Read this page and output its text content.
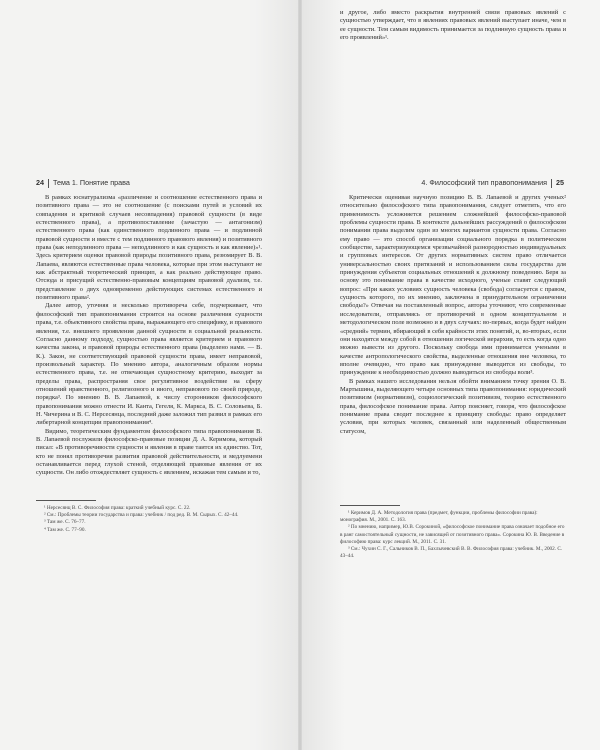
24 Тема 1. Понятие права

В рамках юснатурализма «различение и соотношение естественного права и позитивного права — это не соотношение (с поисками путей и условий их совпадения и критикой случаев несовпадения) правовой сущности (в виде естественного права), а противопоставление (зачастую — антагонизм) естественного права (как единственного подлинного права — и подлинной правовой сущности и вместе с тем подлинного правового явления) и позитивного права (как неподлинного права — неподлинного и как сущность и как явление)»¹. Здесь критерием оценки правовой природы позитивного права, резюмирует В. В. Лапаева, являются естественные права человека, которые при этом выступают не как абстрактный теоретический принцип, а как реально действующее право. Отсюда и присущий естественно-правовым концепциям правовой дуализм, т.е. представление о двух одновременно действующих системах естественного и позитивного права².

Далее автор, уточняя и несколько противореча себе, подчеркивает, что философский тип правопонимания строится на основе различения сущности права, т.е. объективного свойства права, выражающего его специфику, и правового явления, т.е. внешнего проявления данной сущности в социальной реальности. Согласно данному подходу, сущностью права является критерием и правового качества закона, и правовой природы естественного права (выделено нами. — В. К.). Закон, не соответствующий правовой сущности права, имеет неправовой, произвольный характер. По мнению автора, аналогичным образом нормы естественного права, т.е. не отвечающая сущностному критерию, выходят за пределы права, распространяя свое регулятивное воздействие на сферу отношений нравственного, религиозного и иного, неправового по своей природе, порядка³. По мнению В. В. Лапаевой, к числу сторонников философского правопонимания можно отнести И. Канта, Гегеля, К. Маркса, В. С. Соловьева, Б. Н. Чичерина и В. С. Нерсесянца, последний даже заложил тип развил в рамках его либертарной концепции правопонимания⁴.

Видимо, теоретическим фундаментом философского типа правопонимания В. В. Лапаевой послужили философско-правовые позиции Д. А. Керимова, который писал: «В противоречивости сущности и явления в праве таится их единство. Тот, кто не понял противоречия развития правовой действительности, и медлуемени останавливается перед глухой стеной, отделяющей правовые явления от их сущности. Он либо отождествляет сущность с явлением, искажая тем самым и то,

¹ Нерсесянц В. С. Философия права: краткий учебный курс. С. 22.
² См.: Проблемы теории государства и права: учебник / под ред. В. М. Сырых. С. 42–44.
³ Там же. С. 76–77.
⁴ Там же. С. 77–90.

и другое, либо вместо раскрытия внутренней связи правовых явлений с сущностью утверждает, что в явлениях правовых явлений выступает иначе, чем в ее сущности. Тем самым видимость принимается за подлинную сущность права и его проявлений»¹.

4. Философский тип правопонимания 25

Критически оценивая научную позицию В. В. Лапаевой и других ученых² относительно философского типа правопонимания, следует отметить, что его применимость усложняется решением сложнейшей философско-правовой проблемы сущности права. В контексте дальнейших рассуждений о философском понимании права выделим один из многих вариантов сущности права. Согласно ему право — это способ организации социального порядка в политическом сообществе, характеризующемся чрезвычайной разнородностью индивидуальных и групповых интересов. От других нормативных систем право отличается универсальностью своих притязаний и использованием силы государства для принуждения субъектов социальных отношений к должному поведению. Беря за основу это понимание права в качестве исходного, ученые ставят следующий вопрос: «При каких условиях сущность человека (свобода) согласуется с правом, сущность которого, по их мнению, заключена в принудительном ограничении свободы?» Отвечая на поставленный вопрос, авторы уточняют, что современные исследователи, отправляясь от противоречий в одном концептуальном и методологическом поле возможно и в двух случаях: во-первых, когда будет найден «средний» термин, вбирающий в себя крайности этих понятий, и, во-вторых, если они находятся между собой в отношении логической иерархии, то есть когда одно можно вывести из другого. Поскольку свобода ими принимается учеными в качестве антропологического свойства, выделенные отношения вне человека, то вполне очевидно, что право как принуждение выводится из свободы, то принуждение к необходимостью должно выводиться из свободы воли³.

В рамках нашего исследования нельзя обойти вниманием точку зрения О. В. Мартышина, выделяющего четыре основных типа правопонимания: юридический позитивизм (нормативизм), социологический позитивизм, теорию естественного права, философское понимание права. Автор поясняет, говоря, что философское понимание права сводит последнее к принципу свободы: право определяет условия, при которых человек, связанный или наделенный общественным статусом,

¹ Керимов Д. А. Методология права (предмет, функции, проблемы философии права): монография. М., 2001. С. 163.
² По мнению, например, Ю.В. Сорокиной, «философское понимание права означает подобное его в ранг самостоятельный сущности, не зависящей от позитивного права». Сорокина Ю. В. Введение в философию права: курс лекций. М., 2011. С. 31.
³ См.: Чухин С. Г., Сальников В. П., Бахлычевский В. В. Философия права: учебник. М., 2002. С. 43–44.
